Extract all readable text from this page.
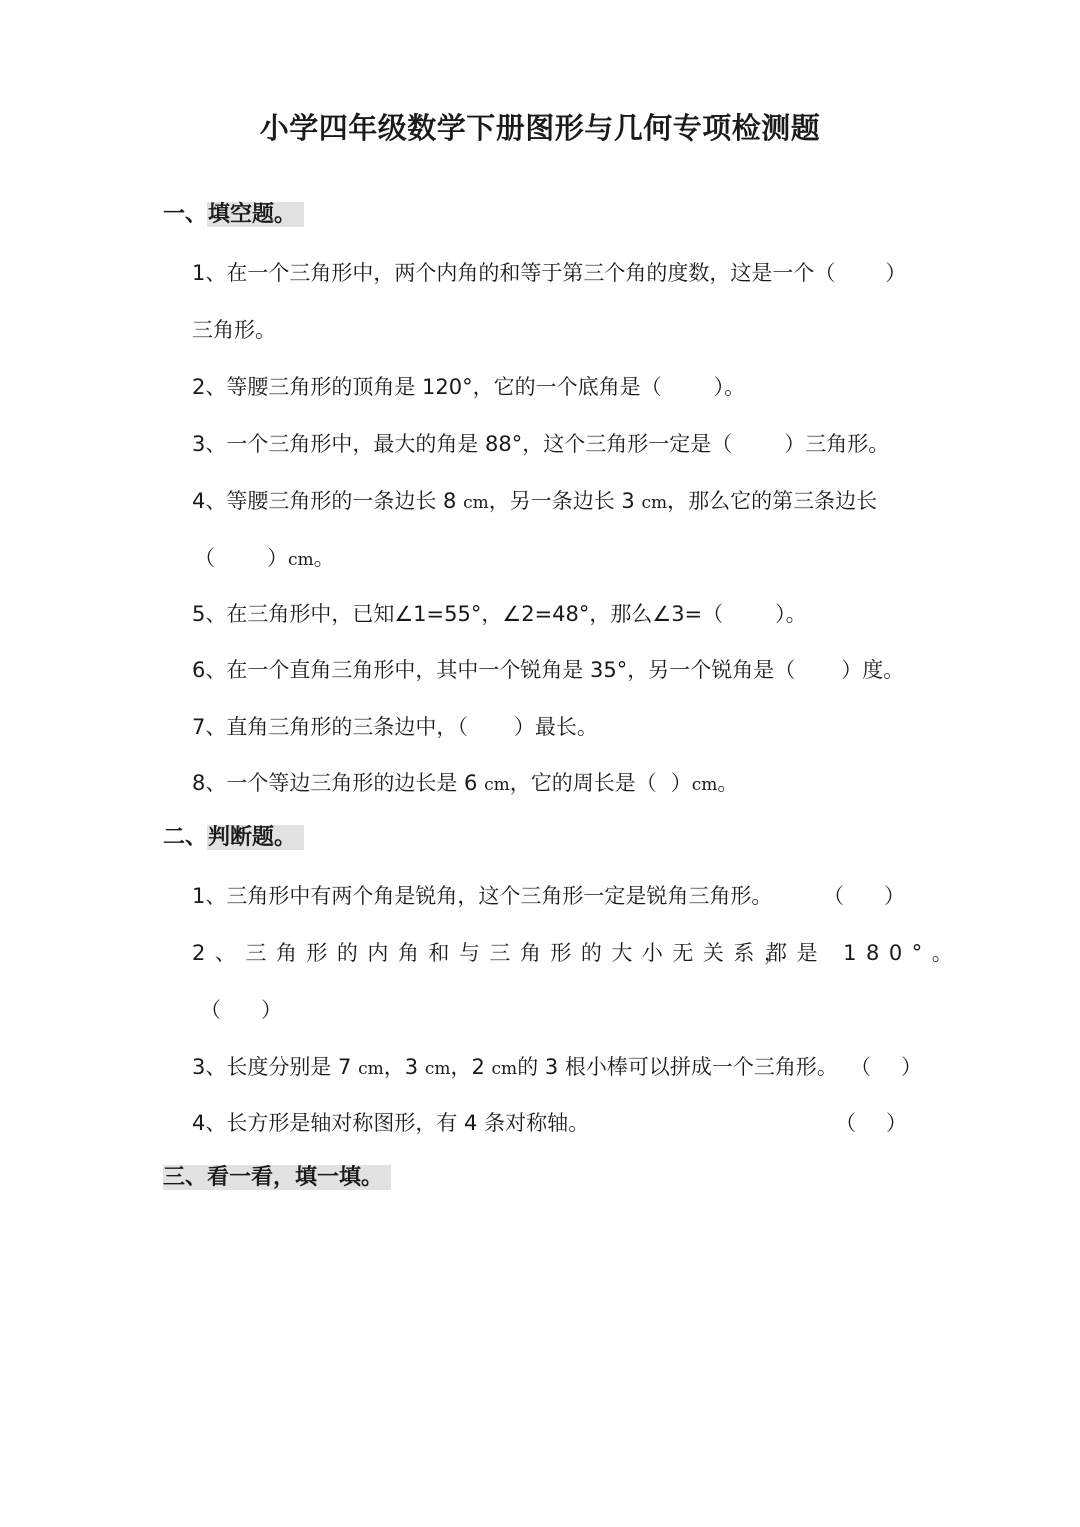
小学四年级数学下册图形与几何专项检测题
一、填空题。
1、在一个三角形中，两个内角的和等于第三个角的度数，这是一个（ ）
三角形。
2、等腰三角形的顶角是 120°，它的一个底角是（ ）。
3、一个三角形中，最大的角是 88°，这个三角形一定是（ ）三角形。
4、等腰三角形的一条边长 8 cm，另一条边长 3 cm，那么它的第三条边长
（ ）cm。
5、在三角形中，已知∠1=55°，∠2=48°，那么∠3=（ ）。
6、在一个直角三角形中，其中一个锐角是 35°，另一个锐角是（ ）度。
7、直角三角形的三条边中，（ ）最长。
8、一个等边三角形的边长是 6 cm，它的周长是（ ）cm。
二、判断题。
1、三角形中有两个角是锐角，这个三角形一定是锐角三角形。 （ ）
2、三角形的内角和与三角形的大小无关系，
都是 180°。
（ ）
3、长度分别是 7 cm，3 cm，2 cm的 3 根小棒可以拼成一个三角形。 （ ）
4、长方形是轴对称图形，有 4 条对称轴。	（ ）
三、看一看，填一填。
